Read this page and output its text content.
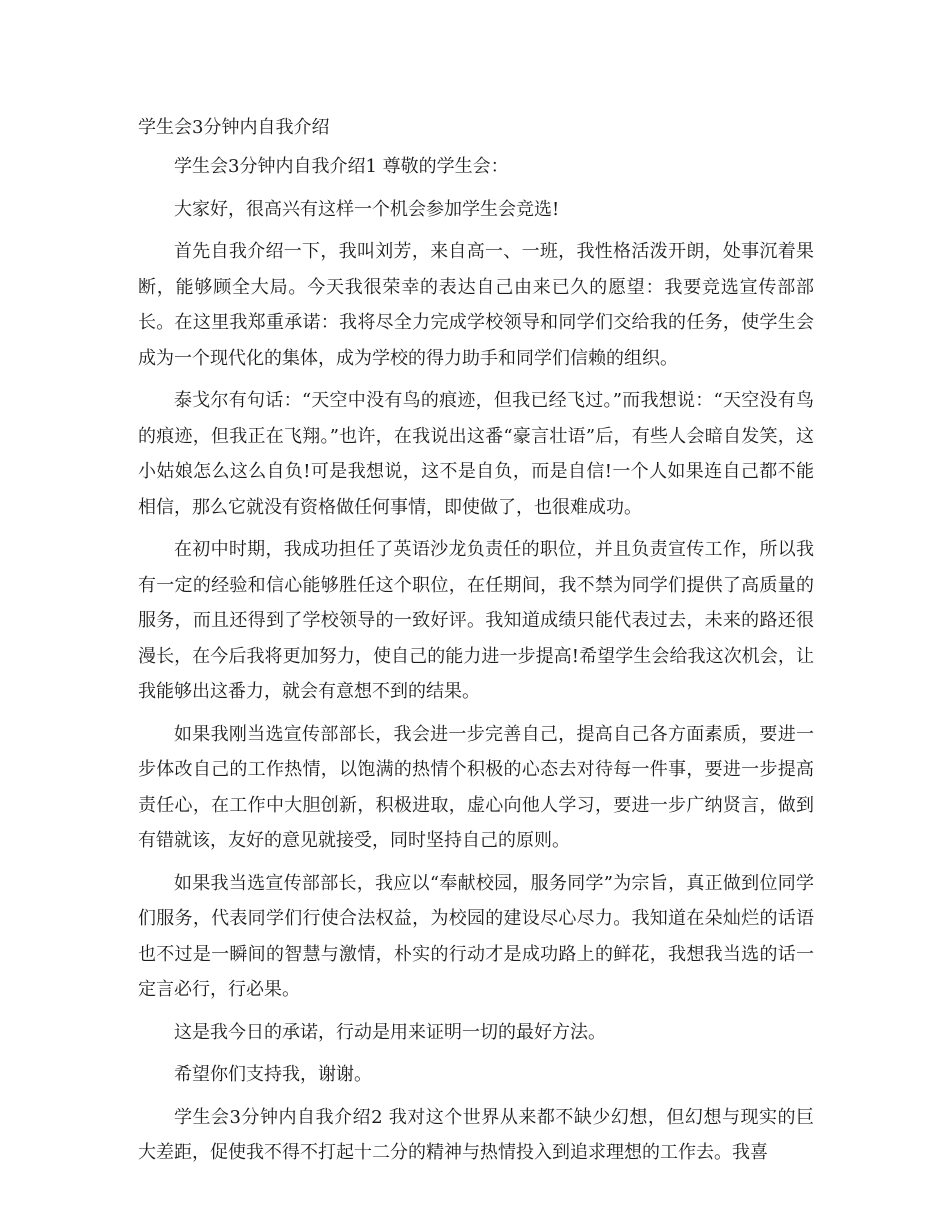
学生会3分钟内自我介绍

学生会3分钟内自我介绍1 尊敬的学生会：

大家好，很高兴有这样一个机会参加学生会竞选!

首先自我介绍一下，我叫刘芳，来自高一、一班，我性格活泼开朗，处事沉着果断，能够顾全大局。今天我很荣幸的表达自己由来已久的愿望：我要竞选宣传部部长。在这里我郑重承诺：我将尽全力完成学校领导和同学们交给我的任务，使学生会成为一个现代化的集体，成为学校的得力助手和同学们信赖的组织。

泰戈尔有句话：“天空中没有鸟的痕迹，但我已经飞过。”而我想说：“天空没有鸟的痕迹，但我正在飞翔。”也许，在我说出这番“豪言壮语”后，有些人会暗自发笑，这小姑娘怎么这么自负!可是我想说，这不是自负，而是自信!一个人如果连自己都不能相信，那么它就没有资格做任何事情，即使做了，也很难成功。

在初中时期，我成功担任了英语沙龙负责任的职位，并且负责宣传工作，所以我有一定的经验和信心能够胜任这个职位，在任期间，我不禁为同学们提供了高质量的服务，而且还得到了学校领导的一致好评。我知道成绩只能代表过去，未来的路还很漫长，在今后我将更加努力，使自己的能力进一步提高!希望学生会给我这次机会，让我能够出这番力，就会有意想不到的结果。

如果我刚当选宣传部部长，我会进一步完善自己，提高自己各方面素质，要进一步体改自己的工作热情，以饱满的热情个积极的心态去对待每一件事，要进一步提高责任心，在工作中大胆创新，积极进取，虚心向他人学习，要进一步广纳贤言，做到有错就该，友好的意见就接受，同时坚持自己的原则。

如果我当选宣传部部长，我应以“奉献校园，服务同学”为宗旨，真正做到位同学们服务，代表同学们行使合法权益，为校园的建设尽心尽力。我知道在朵灿烂的话语也不过是一瞬间的智慧与激情，朴实的行动才是成功路上的鲜花，我想我当选的话一定言必行，行必果。

这是我今日的承诺，行动是用来证明一切的最好方法。

希望你们支持我，谢谢。

学生会3分钟内自我介绍2 我对这个世界从来都不缺少幻想，但幻想与现实的巨大差距，促使我不得不打起十二分的精神与热情投入到追求理想的工作去。我喜
